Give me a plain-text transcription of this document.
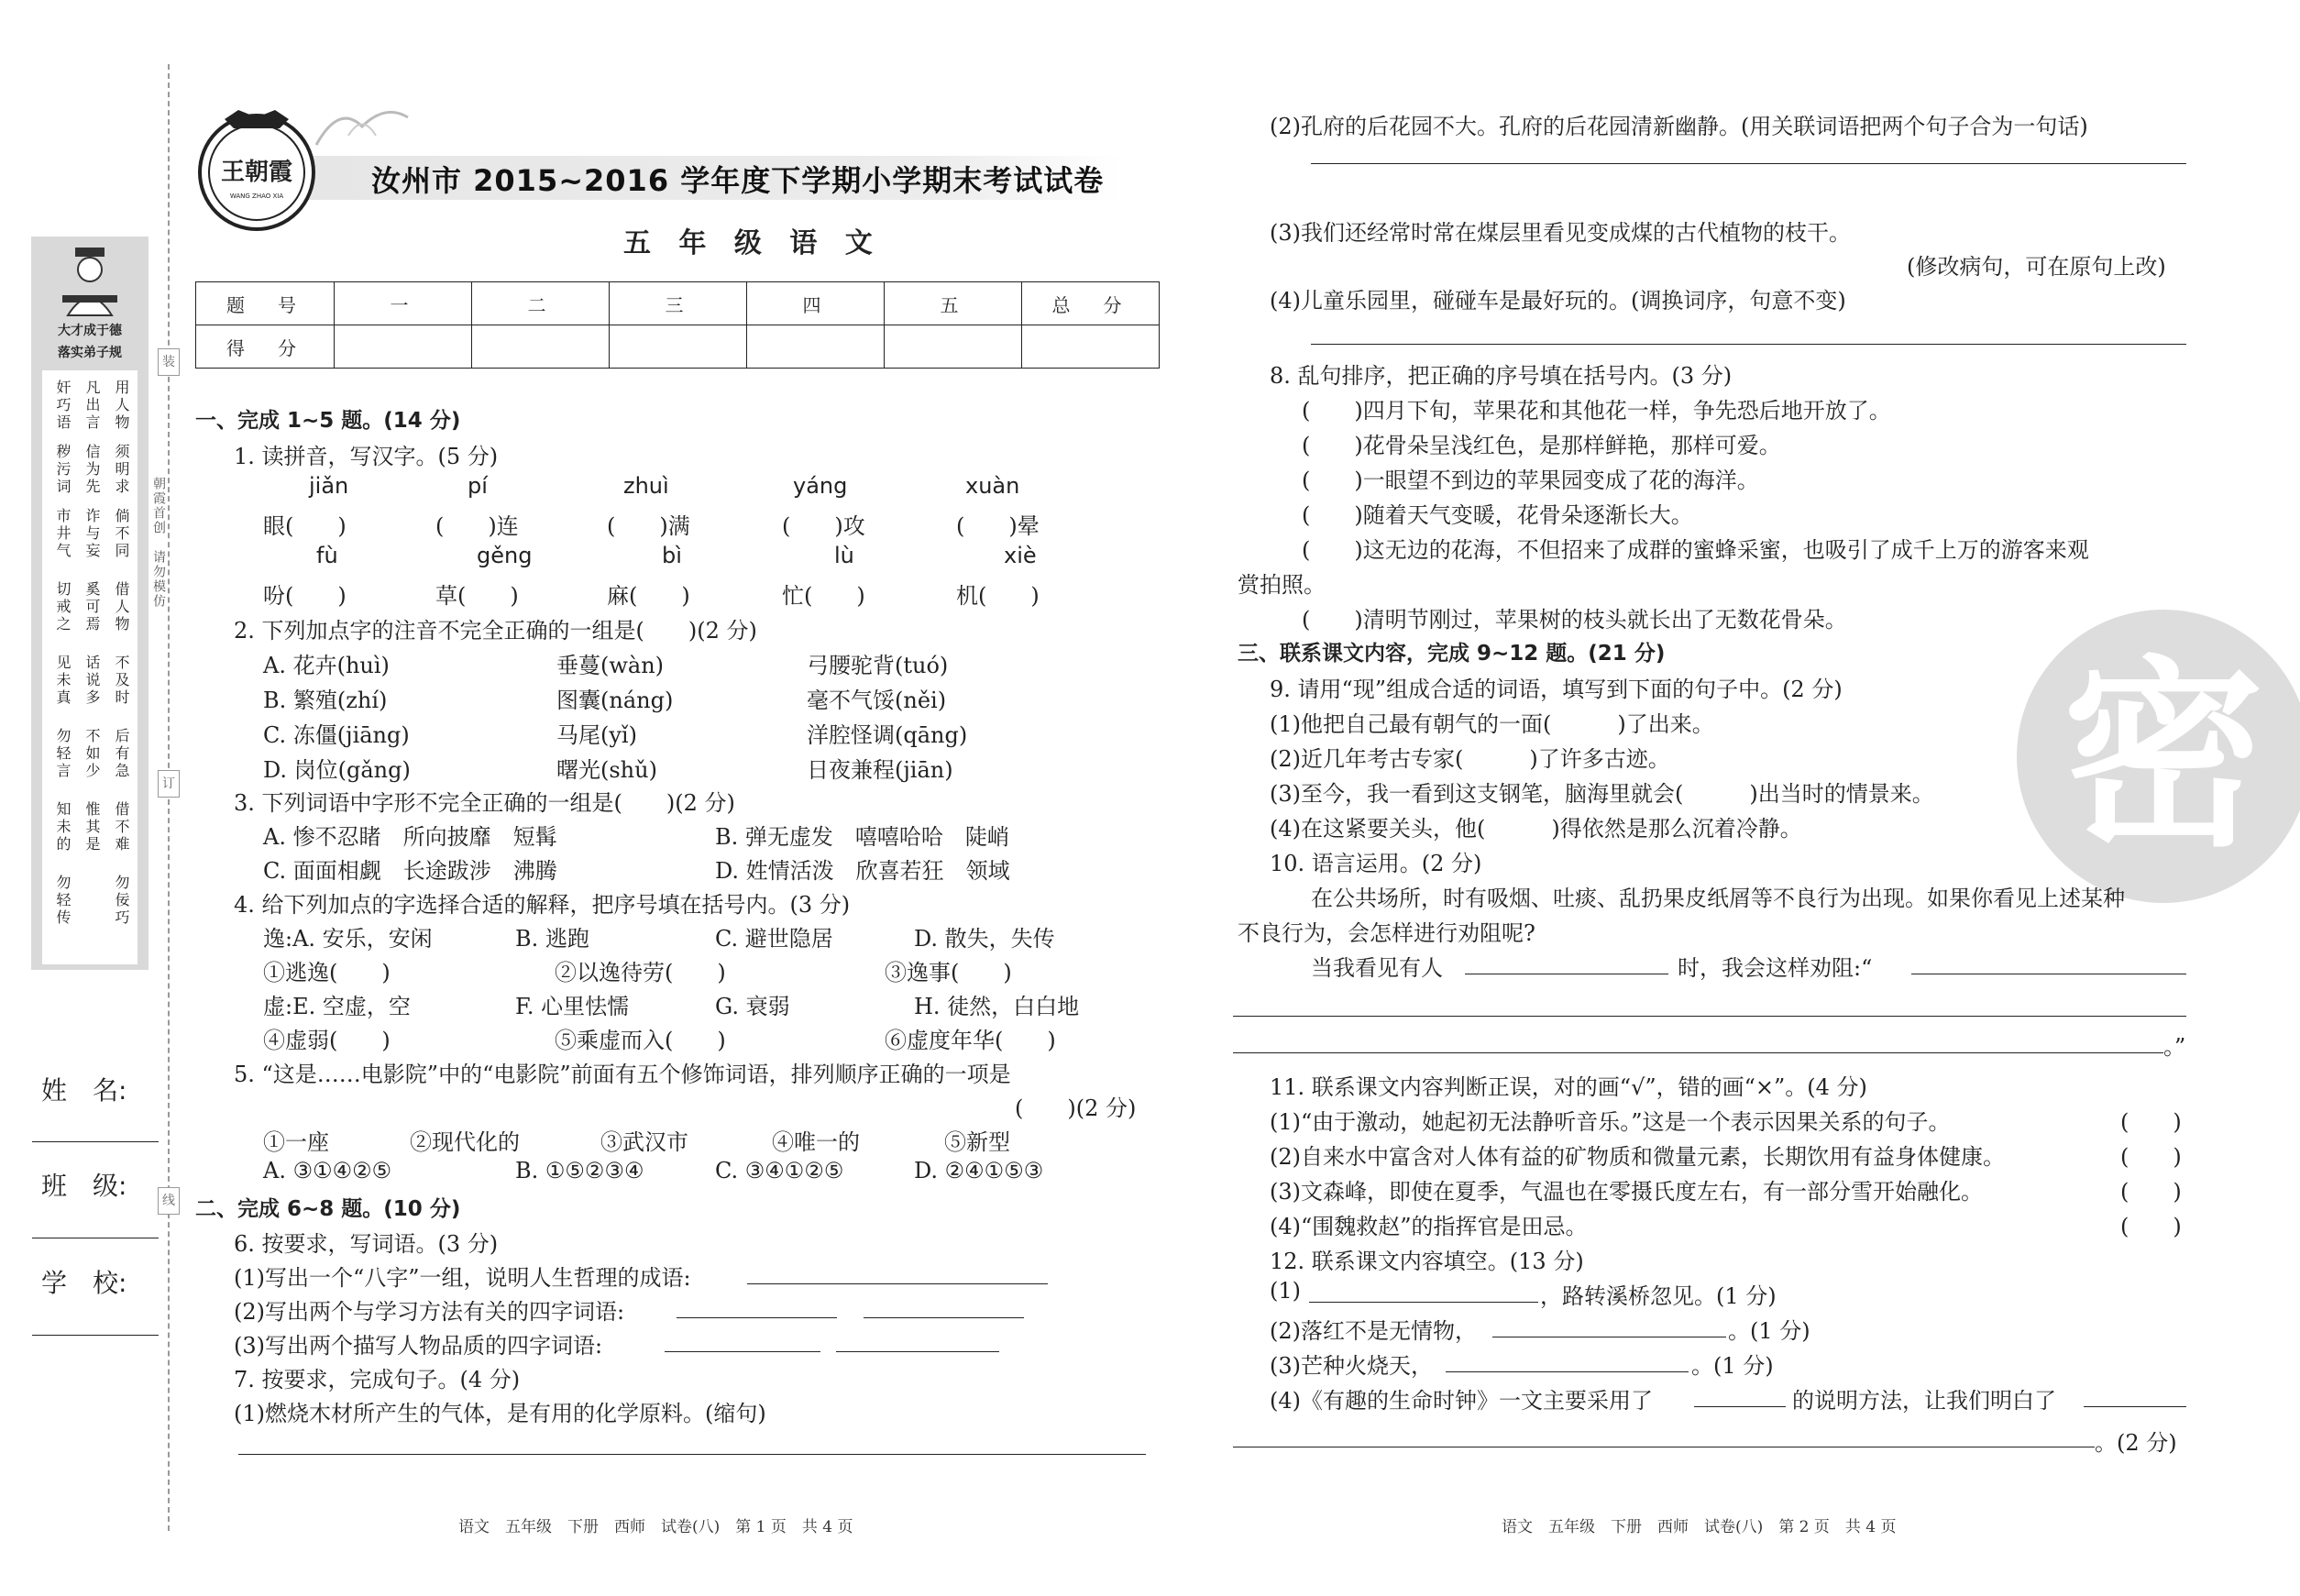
装
订
线
朝霞首创　请勿模仿
大才成于德
落实弟子规
用人物
凡出言
奸巧语
须明求
信为先
秽污词
倘不同
诈与妄
市井气
借人物
奚可焉
切戒之
不及时
话说多
见未真
后有急
不如少
勿轻言
借不难
惟其是
知未的
勿佞巧
勿轻传
姓　名:
班　级:
学　校:
王朝霞
WANG ZHAO XIA	汝州市 2015~2016 学年度下学期小学期末考试试卷
五 年 级 语 文
题　号	一	二	三	四	五	总　分
得　分						
一、完成 1~5 题。(14 分)
1. 读拼音，写汉字。(5 分)
jiǎn	pí	zhuì	yáng	xuàn
眼(　　)	(　　)连	(　　)满	(　　)攻	(　　)晕
fù	gěng	bì	lù	xiè
吩(　　)	草(　　)	麻(　　)	忙(　　)	机(　　)
2. 下列加点字的注音不完全正确的一组是(　　)(2 分)
A. 花卉(huì)	垂蔓(wàn)	弓腰驼背(tuó)
B. 繁殖(zhí)	图囊(náng)	毫不气馁(něi)
C. 冻僵(jiāng)	马尾(yǐ)	洋腔怪调(qāng)
D. 岗位(gǎng)	曙光(shǔ)	日夜兼程(jiān)
3. 下列词语中字形不完全正确的一组是(　　)(2 分)
A. 惨不忍睹　所向披靡　短髯	B. 弹无虚发　嘻嘻哈哈　陡峭
C. 面面相觑　长途跋涉　沸腾	D. 姓情活泼　欣喜若狂　领域
4. 给下列加点的字选择合适的解释，把序号填在括号内。(3 分)
逸:A. 安乐，安闲	B. 逃跑	C. 避世隐居	D. 散失，失传
①逃逸(　　)	②以逸待劳(　　)	③逸事(　　)
虚:E. 空虚，空	F. 心里怯懦	G. 衰弱	H. 徒然，白白地
④虚弱(　　)	⑤乘虚而入(　　)	⑥虚度年华(　　)
5. “这是……电影院”中的“电影院”前面有五个修饰词语，排列顺序正确的一项是
(　　)(2 分)
①一座	②现代化的	③武汉市	④唯一的	⑤新型
A. ③①④②⑤	B. ①⑤②③④	C. ③④①②⑤	D. ②④①⑤③
二、完成 6~8 题。(10 分)
6. 按要求，写词语。(3 分)
(1)写出一个“八字”一组，说明人生哲理的成语:
(2)写出两个与学习方法有关的四字词语:
(3)写出两个描写人物品质的四字词语:
7. 按要求，完成句子。(4 分)
(1)燃烧木材所产生的气体，是有用的化学原料。(缩句)
语文　五年级　下册　西师　试卷(八)　第 1 页　共 4 页
密
(2)孔府的后花园不大。孔府的后花园清新幽静。(用关联词语把两个句子合为一句话)
(3)我们还经常时常在煤层里看见变成煤的古代植物的枝干。
(修改病句，可在原句上改)
(4)儿童乐园里，碰碰车是最好玩的。(调换词序，句意不变)
8. 乱句排序，把正确的序号填在括号内。(3 分)
(　　)四月下旬，苹果花和其他花一样，争先恐后地开放了。
(　　)花骨朵呈浅红色，是那样鲜艳，那样可爱。
(　　)一眼望不到边的苹果园变成了花的海洋。
(　　)随着天气变暖，花骨朵逐渐长大。
(　　)这无边的花海，不但招来了成群的蜜蜂采蜜，也吸引了成千上万的游客来观
赏拍照。
(　　)清明节刚过，苹果树的枝头就长出了无数花骨朵。
三、联系课文内容，完成 9~12 题。(21 分)
9. 请用“现”组成合适的词语，填写到下面的句子中。(2 分)
(1)他把自己最有朝气的一面(　　　)了出来。
(2)近几年考古专家(　　　)了许多古迹。
(3)至今，我一看到这支钢笔，脑海里就会(　　　)出当时的情景来。
(4)在这紧要关头，他(　　　)得依然是那么沉着冷静。
10. 语言运用。(2 分)
在公共场所，时有吸烟、吐痰、乱扔果皮纸屑等不良行为出现。如果你看见上述某种
不良行为，会怎样进行劝阻呢?
当我看见有人	时，我会这样劝阻:“
。”
11. 联系课文内容判断正误，对的画“√”，错的画“×”。(4 分)
(1)“由于激动，她起初无法静听音乐。”这是一个表示因果关系的句子。	(　　)
(2)自来水中富含对人体有益的矿物质和微量元素，长期饮用有益身体健康。	(　　)
(3)文森峰，即使在夏季，气温也在零摄氏度左右，有一部分雪开始融化。	(　　)
(4)“围魏救赵”的指挥官是田忌。	(　　)
12. 联系课文内容填空。(13 分)
(1)	，路转溪桥忽见。(1 分)
(2)落红不是无情物，	。(1 分)
(3)芒种火烧天，	。(1 分)
(4)《有趣的生命时钟》一文主要采用了	的说明方法，让我们明白了
。(2 分)
语文　五年级　下册　西师　试卷(八)　第 2 页　共 4 页
